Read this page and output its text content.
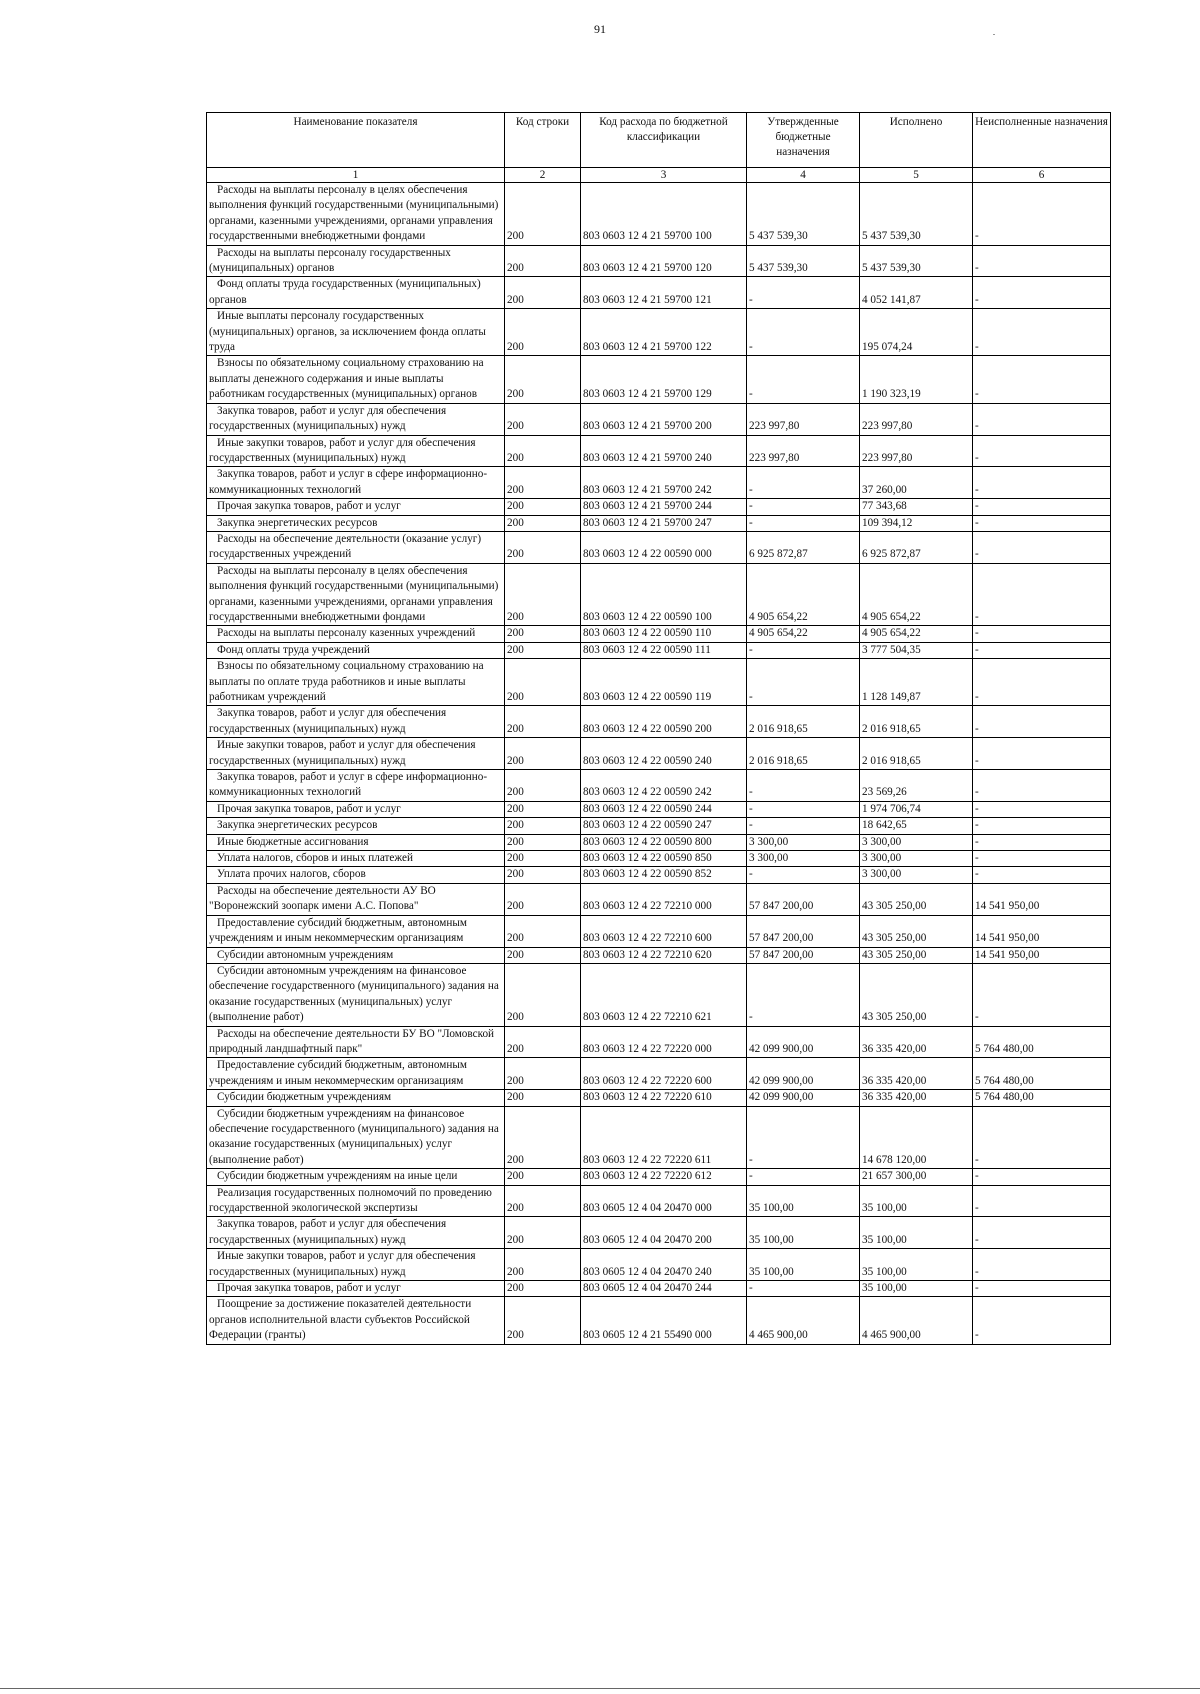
91
Наименование показателя	Код строки	Код расхода по бюджетной классификации	Утвержденные бюджетные назначения	Исполнено	Неисполненные назначения
1	2	3	4	5	6
Расходы на выплаты персоналу в целях обеспечения выполнения функций государственными (муниципальными) органами, казенными учреждениями, органами управления государственными внебюджетными фондами	200	803 0603 12 4 21 59700 100	5 437 539,30	5 437 539,30	-
Расходы на выплаты персоналу государственных (муниципальных) органов	200	803 0603 12 4 21 59700 120	5 437 539,30	5 437 539,30	-
Фонд оплаты труда государственных (муниципальных) органов	200	803 0603 12 4 21 59700 121	-	4 052 141,87	-
Иные выплаты персоналу государственных (муниципальных) органов, за исключением фонда оплаты труда	200	803 0603 12 4 21 59700 122	-	195 074,24	-
Взносы по обязательному социальному страхованию на выплаты денежного содержания и иные выплаты работникам государственных (муниципальных) органов	200	803 0603 12 4 21 59700 129	-	1 190 323,19	-
Закупка товаров, работ и услуг для обеспечения государственных (муниципальных) нужд	200	803 0603 12 4 21 59700 200	223 997,80	223 997,80	-
Иные закупки товаров, работ и услуг для обеспечения государственных (муниципальных) нужд	200	803 0603 12 4 21 59700 240	223 997,80	223 997,80	-
Закупка товаров, работ и услуг в сфере информационно-коммуникационных технологий	200	803 0603 12 4 21 59700 242	-	37 260,00	-
Прочая закупка товаров, работ и услуг	200	803 0603 12 4 21 59700 244	-	77 343,68	-
Закупка энергетических ресурсов	200	803 0603 12 4 21 59700 247	-	109 394,12	-
Расходы на обеспечение деятельности (оказание услуг) государственных учреждений	200	803 0603 12 4 22 00590 000	6 925 872,87	6 925 872,87	-
Расходы на выплаты персоналу в целях обеспечения выполнения функций государственными (муниципальными) органами, казенными учреждениями, органами управления государственными внебюджетными фондами	200	803 0603 12 4 22 00590 100	4 905 654,22	4 905 654,22	-
Расходы на выплаты персоналу казенных учреждений	200	803 0603 12 4 22 00590 110	4 905 654,22	4 905 654,22	-
Фонд оплаты труда учреждений	200	803 0603 12 4 22 00590 111	-	3 777 504,35	-
Взносы по обязательному социальному страхованию на выплаты по оплате труда работников и иные выплаты работникам учреждений	200	803 0603 12 4 22 00590 119	-	1 128 149,87	-
Закупка товаров, работ и услуг для обеспечения государственных (муниципальных) нужд	200	803 0603 12 4 22 00590 200	2 016 918,65	2 016 918,65	-
Иные закупки товаров, работ и услуг для обеспечения государственных (муниципальных) нужд	200	803 0603 12 4 22 00590 240	2 016 918,65	2 016 918,65	-
Закупка товаров, работ и услуг в сфере информационно-коммуникационных технологий	200	803 0603 12 4 22 00590 242	-	23 569,26	-
Прочая закупка товаров, работ и услуг	200	803 0603 12 4 22 00590 244	-	1 974 706,74	-
Закупка энергетических ресурсов	200	803 0603 12 4 22 00590 247	-	18 642,65	-
Иные бюджетные ассигнования	200	803 0603 12 4 22 00590 800	3 300,00	3 300,00	-
Уплата налогов, сборов и иных платежей	200	803 0603 12 4 22 00590 850	3 300,00	3 300,00	-
Уплата прочих налогов, сборов	200	803 0603 12 4 22 00590 852	-	3 300,00	-
Расходы на обеспечение деятельности АУ ВО "Воронежский зоопарк имени А.С. Попова"	200	803 0603 12 4 22 72210 000	57 847 200,00	43 305 250,00	14 541 950,00
Предоставление субсидий бюджетным, автономным учреждениям и иным некоммерческим организациям	200	803 0603 12 4 22 72210 600	57 847 200,00	43 305 250,00	14 541 950,00
Субсидии автономным учреждениям	200	803 0603 12 4 22 72210 620	57 847 200,00	43 305 250,00	14 541 950,00
Субсидии автономным учреждениям на финансовое обеспечение государственного (муниципального) задания на оказание государственных (муниципальных) услуг (выполнение работ)	200	803 0603 12 4 22 72210 621	-	43 305 250,00	-
Расходы на обеспечение деятельности БУ ВО "Ломовской природный ландшафтный парк"	200	803 0603 12 4 22 72220 000	42 099 900,00	36 335 420,00	5 764 480,00
Предоставление субсидий бюджетным, автономным учреждениям и иным некоммерческим организациям	200	803 0603 12 4 22 72220 600	42 099 900,00	36 335 420,00	5 764 480,00
Субсидии бюджетным учреждениям	200	803 0603 12 4 22 72220 610	42 099 900,00	36 335 420,00	5 764 480,00
Субсидии бюджетным учреждениям на финансовое обеспечение государственного (муниципального) задания на оказание государственных (муниципальных) услуг (выполнение работ)	200	803 0603 12 4 22 72220 611	-	14 678 120,00	-
Субсидии бюджетным учреждениям на иные цели	200	803 0603 12 4 22 72220 612	-	21 657 300,00	-
Реализация государственных полномочий по проведению государственной экологической экспертизы	200	803 0605 12 4 04 20470 000	35 100,00	35 100,00	-
Закупка товаров, работ и услуг для обеспечения государственных (муниципальных) нужд	200	803 0605 12 4 04 20470 200	35 100,00	35 100,00	-
Иные закупки товаров, работ и услуг для обеспечения государственных (муниципальных) нужд	200	803 0605 12 4 04 20470 240	35 100,00	35 100,00	-
Прочая закупка товаров, работ и услуг	200	803 0605 12 4 04 20470 244	-	35 100,00	-
Поощрение за достижение показателей деятельности органов исполнительной власти субъектов Российской Федерации (гранты)	200	803 0605 12 4 21 55490 000	4 465 900,00	4 465 900,00	-
